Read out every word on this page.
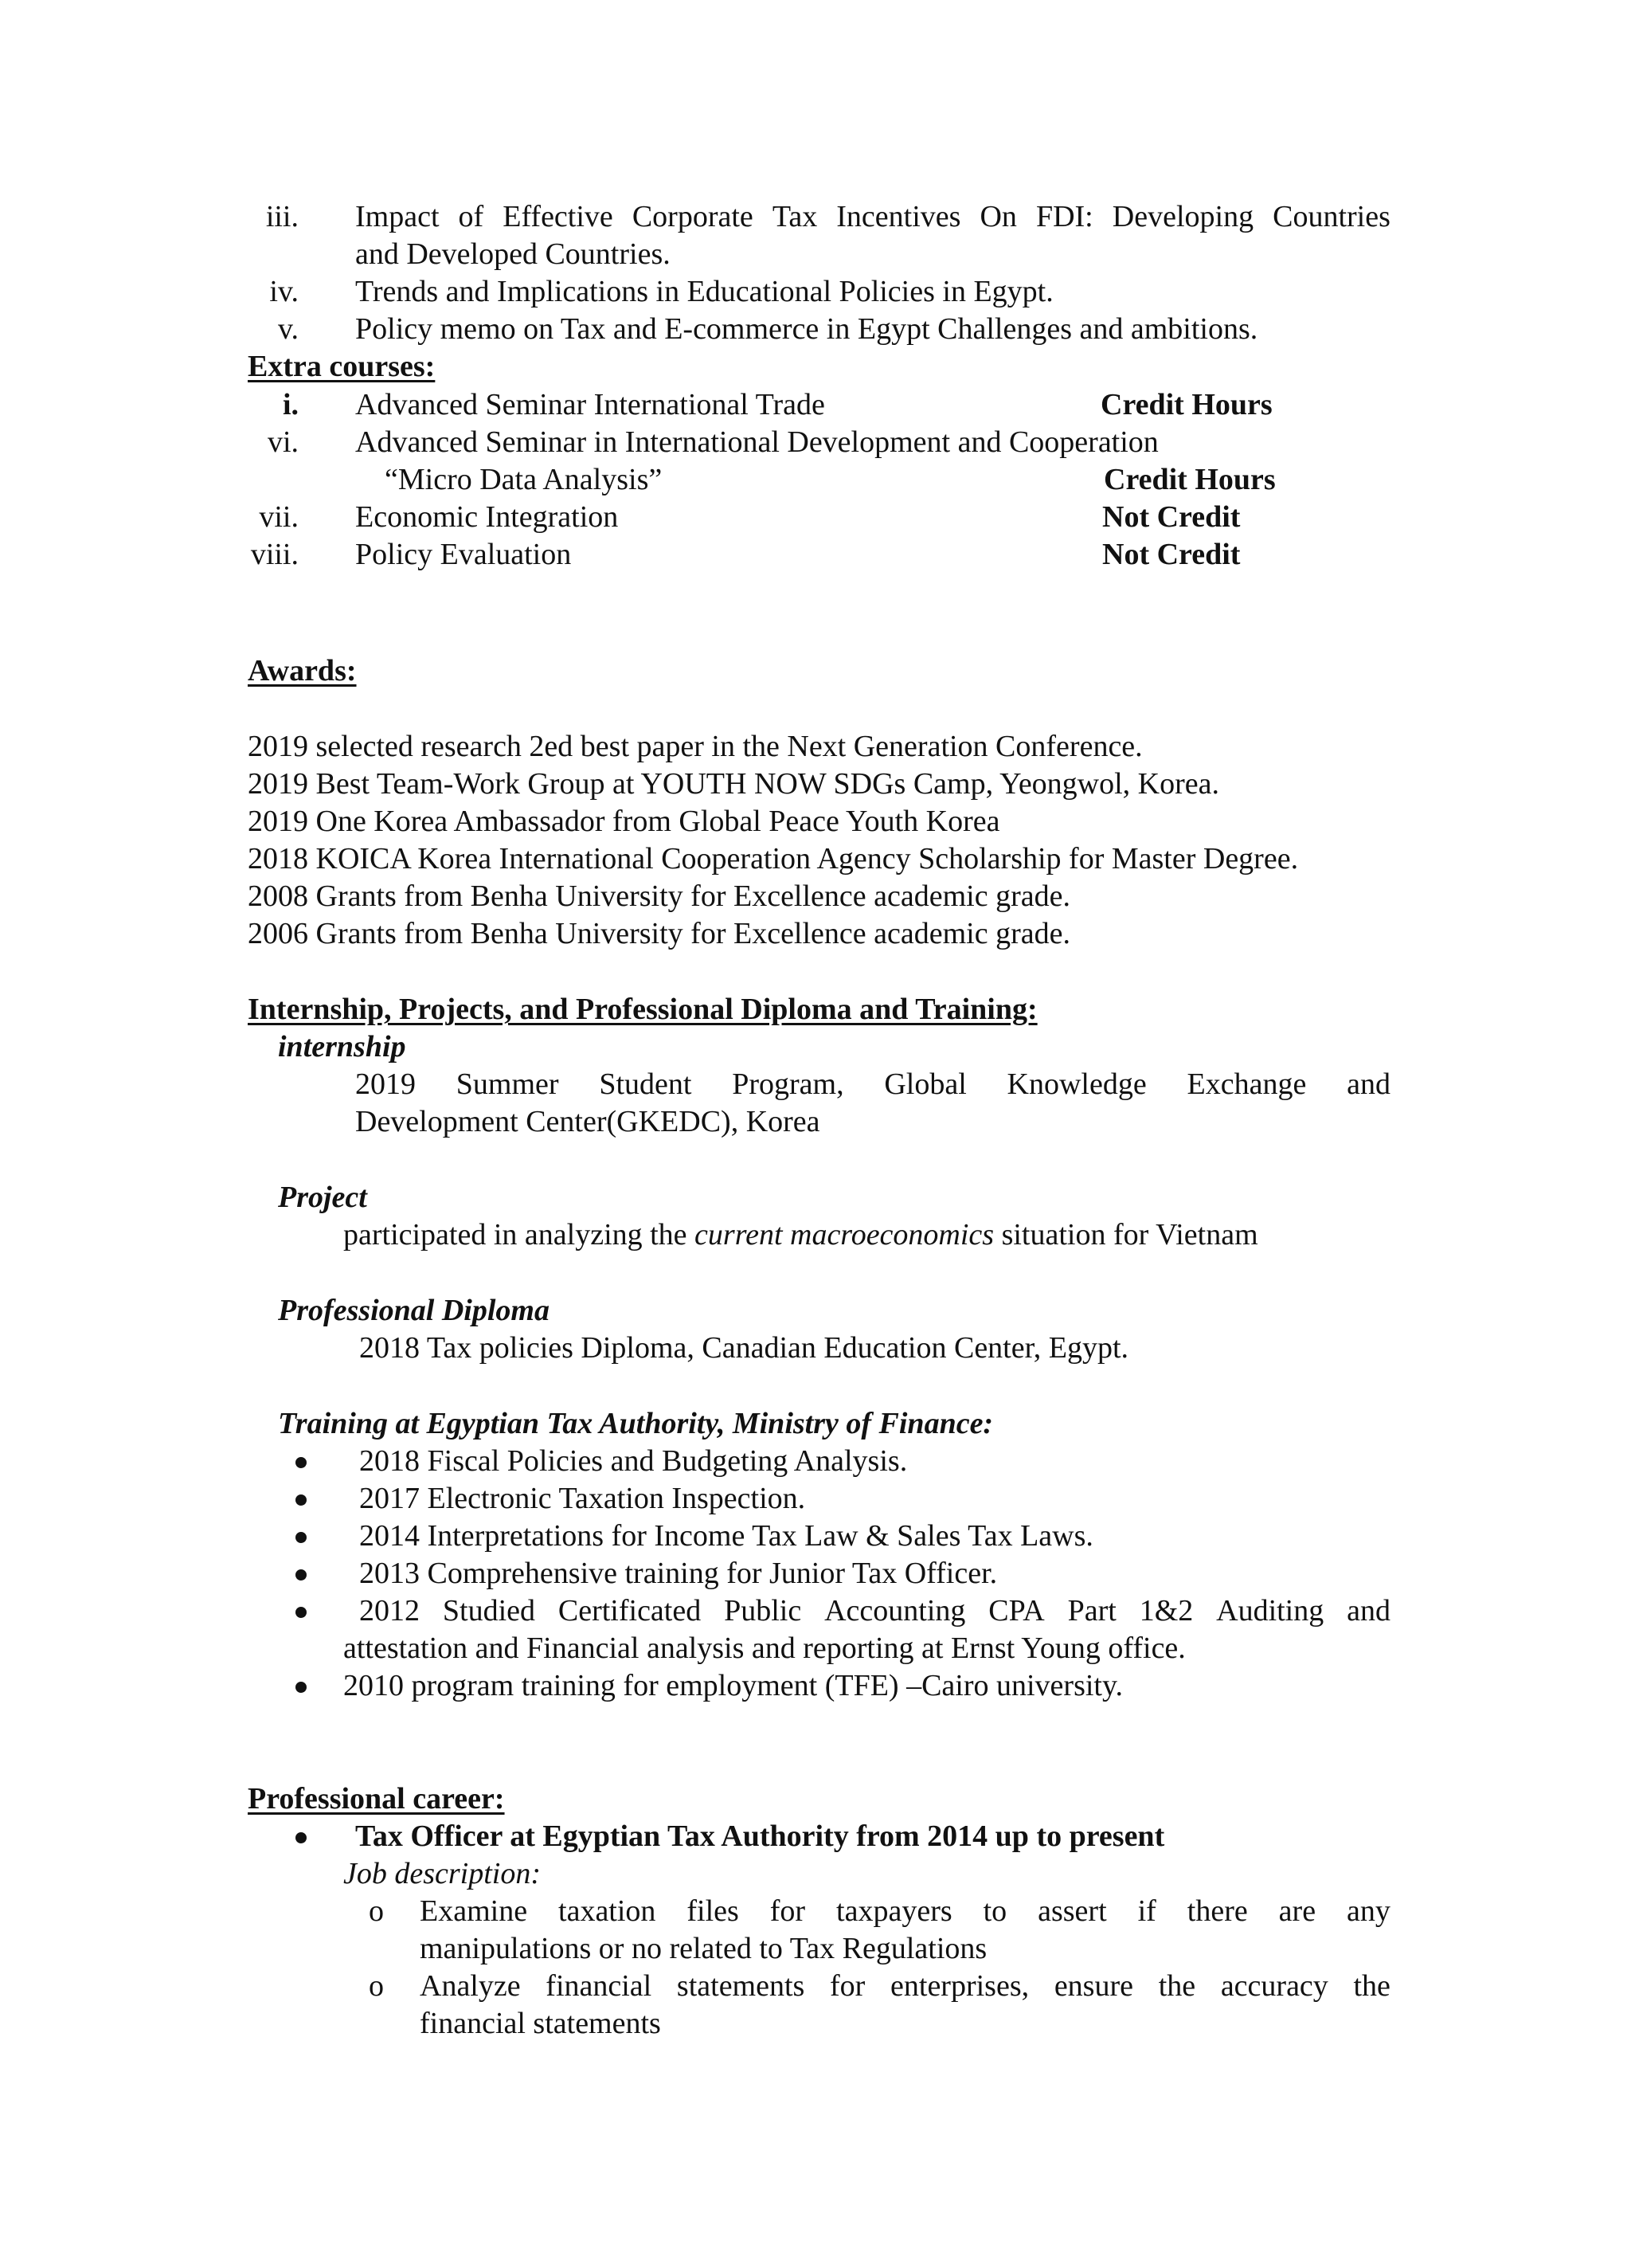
iii. Impact of Effective Corporate Tax Incentives On FDI: Developing Countries
and Developed Countries.
iv. Trends and Implications in Educational Policies in Egypt.
v. Policy memo on Tax and E-commerce in Egypt Challenges and ambitions.
Extra courses:
i. Advanced Seminar International Trade	Credit Hours
vi. Advanced Seminar in International Development and Cooperation
“Micro Data Analysis”	Credit Hours
vii. Economic Integration	Not Credit
viii. Policy Evaluation	Not Credit
Awards:
2019 selected research 2ed best paper in the Next Generation Conference.
2019 Best Team-Work Group at YOUTH NOW SDGs Camp, Yeongwol, Korea.
2019 One Korea Ambassador from Global Peace Youth Korea
2018 KOICA Korea International Cooperation Agency Scholarship for Master Degree.
2008 Grants from Benha University for Excellence academic grade.
2006 Grants from Benha University for Excellence academic grade.
Internship, Projects, and Professional Diploma and Training:
internship
2019 Summer Student Program, Global Knowledge Exchange and
Development Center(GKEDC), Korea
Project
participated in analyzing the current macroeconomics situation for Vietnam
Professional Diploma
2018 Tax policies Diploma, Canadian Education Center, Egypt.
Training at Egyptian Tax Authority, Ministry of Finance:
2018 Fiscal Policies and Budgeting Analysis.
2017 Electronic Taxation Inspection.
2014 Interpretations for Income Tax Law & Sales Tax Laws.
2013 Comprehensive training for Junior Tax Officer.
2012 Studied Certificated Public Accounting CPA Part 1&2 Auditing and
attestation and Financial analysis and reporting at Ernst Young office.
2010 program training for employment (TFE) –Cairo university.
Professional career:
Tax Officer at Egyptian Tax Authority from 2014 up to present
Job description:
o Examine taxation files for taxpayers to assert if there are any
manipulations or no related to Tax Regulations
o Analyze financial statements for enterprises, ensure the accuracy the
financial statements
